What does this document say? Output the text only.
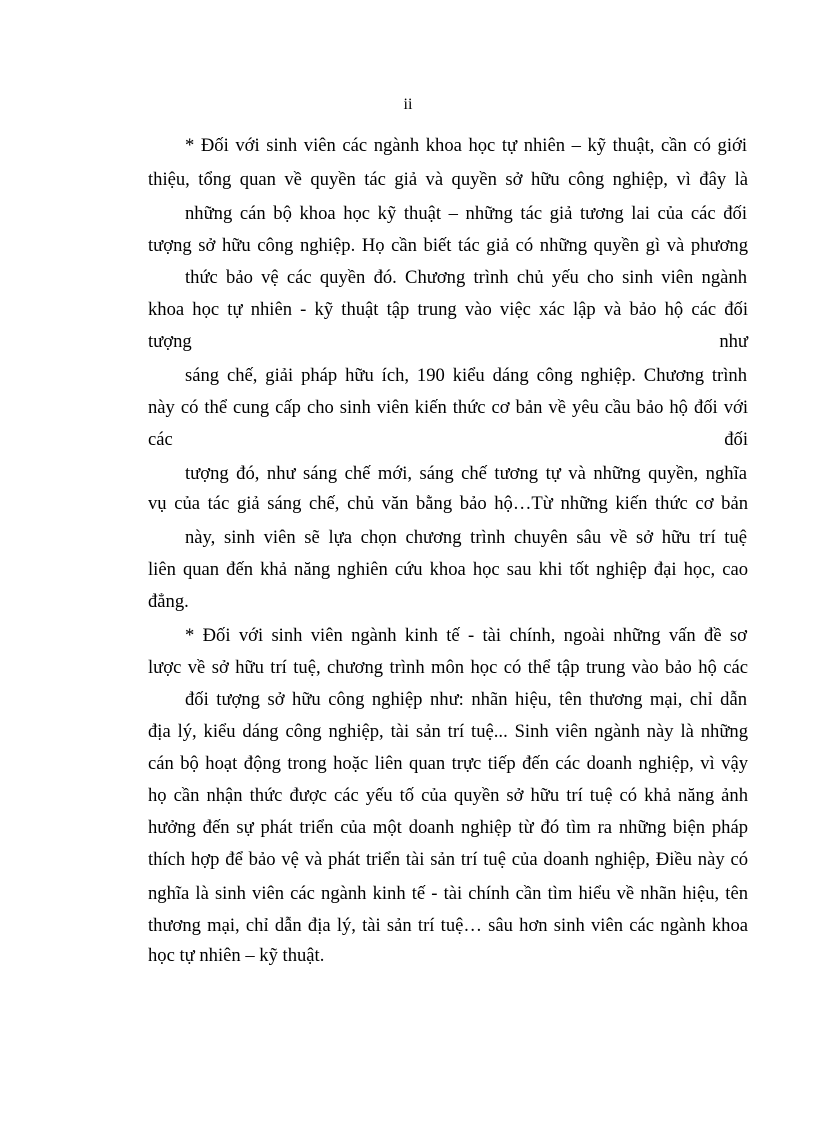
ii
* Đối với sinh viên các ngành khoa học tự nhiên – kỹ thuật, cần có giới
thiệu, tổng quan về quyền tác giả và quyền sở hữu công nghiệp, vì đây là
những cán bộ khoa học kỹ thuật – những tác giả tương lai của các đối
tượng sở hữu công nghiệp. Họ cần biết tác giả có những quyền gì và phương
thức bảo vệ các quyền đó. Chương trình chủ yếu cho sinh viên ngành
khoa học tự nhiên - kỹ thuật tập trung vào việc xác lập và bảo hộ các đối
tượng	như
sáng chế, giải pháp hữu ích, 190 kiểu dáng công nghiệp. Chương trình
này có thể cung cấp cho sinh viên kiến thức cơ bản về yêu cầu bảo hộ đối với
các	đối
tượng đó, như sáng chế mới, sáng chế tương tự và những quyền, nghĩa
vụ của tác giả sáng chế, chủ văn bằng bảo hộ…Từ những kiến thức cơ bản
này, sinh viên sẽ lựa chọn chương trình chuyên sâu về sở hữu trí tuệ
liên quan đến khả năng nghiên cứu khoa học sau khi tốt nghiệp đại học, cao
đẳng.
* Đối với sinh viên ngành kinh tế - tài chính, ngoài những vấn đề sơ
lược về sở hữu trí tuệ, chương trình môn học có thể tập trung vào bảo hộ các
đối tượng sở hữu công nghiệp như: nhãn hiệu, tên thương mại, chỉ dẫn
địa lý, kiểu dáng công nghiệp, tài sản trí tuệ... Sinh viên ngành này là những
cán bộ hoạt động trong hoặc liên quan trực tiếp đến các doanh nghiệp, vì vậy
họ cần nhận thức được các yếu tố của quyền sở hữu trí tuệ có khả năng ảnh
hưởng đến sự phát triển của một doanh nghiệp từ đó tìm ra những biện pháp
thích hợp để bảo vệ và phát triển tài sản trí tuệ của doanh nghiệp, Điều này có
nghĩa là sinh viên các ngành kinh tế - tài chính cần tìm hiểu về nhãn hiệu, tên
thương mại, chỉ dẫn địa lý, tài sản trí tuệ… sâu hơn sinh viên các ngành khoa
học tự nhiên – kỹ thuật.
